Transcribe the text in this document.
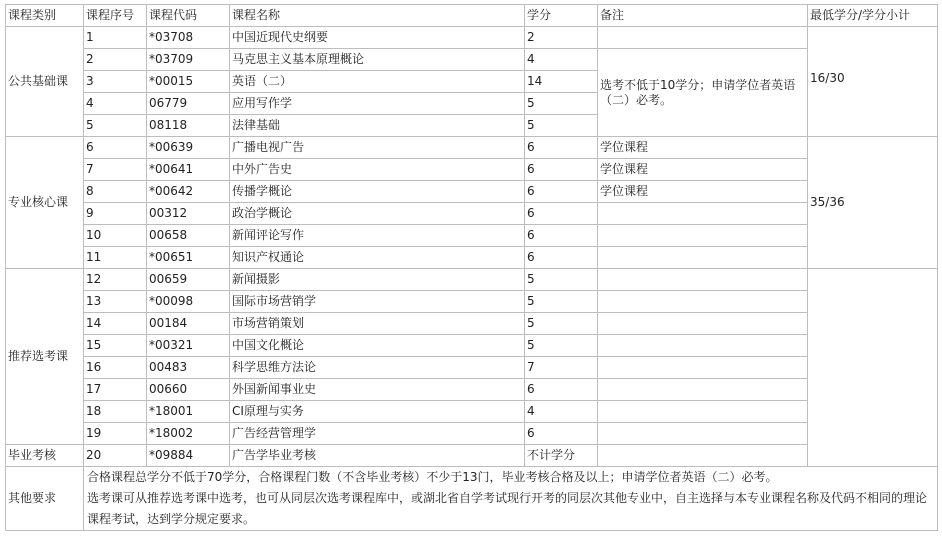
课程类别	课程序号	课程代码	课程名称	学分	备注	最低学分/学分小计
公共基础课	1	*03708	中国近现代史纲要	2		16/30
	2	*03709	马克思主义基本原理概论	4	选考不低于10学分；申请学位者英语（二）必考。	
	3	*00015	英语（二）	14		
	4	06779	应用写作学	5		
	5	08118	法律基础	5		
专业核心课	6	*00639	广播电视广告	6	学位课程	35/36
	7	*00641	中外广告史	6	学位课程	
	8	*00642	传播学概论	6	学位课程	
	9	00312	政治学概论	6		
	10	00658	新闻评论写作	6		
	11	*00651	知识产权通论	6		
推荐选考课	12	00659	新闻摄影	5		
	13	*00098	国际市场营销学	5		
	14	00184	市场营销策划	5		
	15	*00321	中国文化概论	5		
	16	00483	科学思维方法论	7		
	17	00660	外国新闻事业史	6		
	18	*18001	CI原理与实务	4		
	19	*18002	广告经营管理学	6		
毕业考核	20	*09884	广告学毕业考核	不计学分		
其他要求	合格课程总学分不低于70学分，合格课程门数（不含毕业考核）不少于13门，毕业考核合格及以上；申请学位者英语（二）必考。
选考课可从推荐选考课中选考，也可从同层次选考课程库中，或湖北省自学考试现行开考的同层次其他专业中，自主选择与本专业课程名称及代码不相同的理论课程考试，达到学分规定要求。					
